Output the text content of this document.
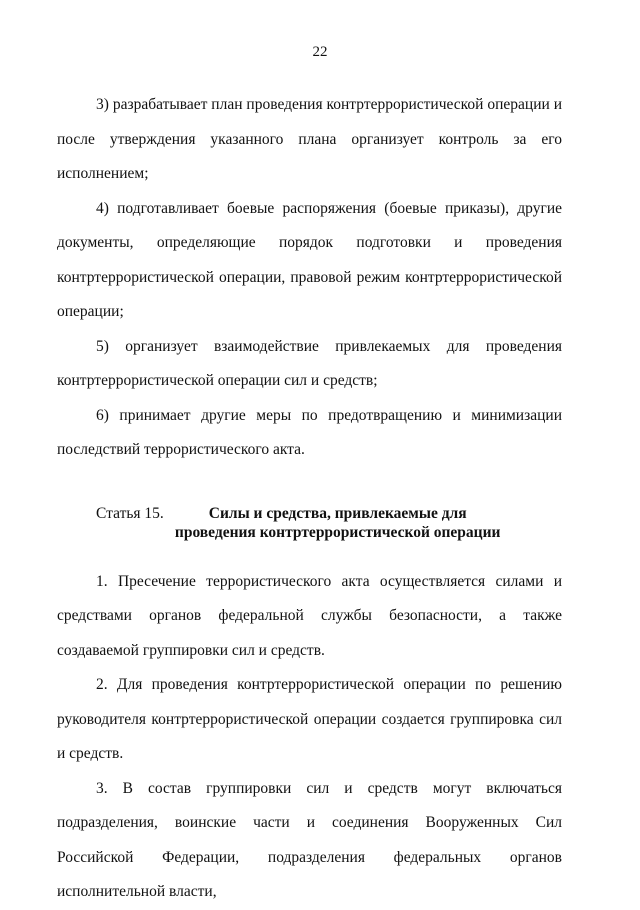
22

3) разрабатывает план проведения контртеррористической операции и после утверждения указанного плана организует контроль за его исполнением;

4) подготавливает боевые распоряжения (боевые приказы), другие документы, определяющие порядок подготовки и проведения контртеррористической операции, правовой режим контртеррористической операции;

5) организует взаимодействие привлекаемых для проведения контртеррористической операции сил и средств;

6) принимает другие меры по предотвращению и минимизации последствий террористического акта.

Статья 15.	Силы и средства, привлекаемые для проведения контртеррористической операции

1. Пресечение террористического акта осуществляется силами и средствами органов федеральной службы безопасности, а также создаваемой группировки сил и средств.

2. Для проведения контртеррористической операции по решению руководителя контртеррористической операции создается группировка сил и средств.

3. В состав группировки сил и средств могут включаться подразделения, воинские части и соединения Вооруженных Сил Российской Федерации, подразделения федеральных органов исполнительной власти,
